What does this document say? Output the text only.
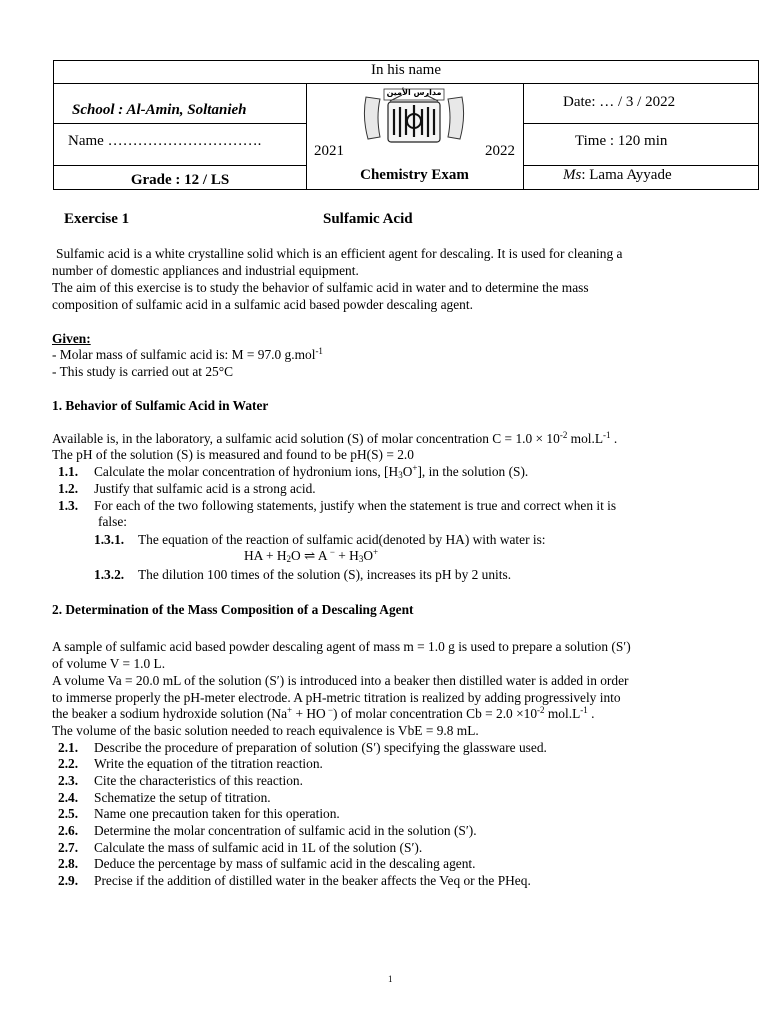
In his name
School : Al-Amin, Soltanieh
Name ………………………….
Grade : 12 / LS
مدارس الأمين
2021	2022
Chemistry Exam
Date: … / 3 / 2022
Time : 120 min
Ms: Lama Ayyade
Exercise 1	Sulfamic Acid
Sulfamic acid is a white crystalline solid which is an efficient agent for descaling. It is used for cleaning a
number of domestic appliances and industrial equipment.
The aim of this exercise is to study the behavior of sulfamic acid in water and to determine the mass
composition of sulfamic acid in a sulfamic acid based powder descaling agent.
Given:
- Molar mass of sulfamic acid is: M = 97.0 g.mol$^{-1}$
- This study is carried out at 25°C
1. Behavior of Sulfamic Acid in Water
Available is, in the laboratory, a sulfamic acid solution (S) of molar concentration $C = 1.0 \times 10^{-2}$ $mol.L^{-1}$ .
The pH of the solution (S) is measured and found to be pH(S) = 2.0
1.1. Calculate the molar concentration of hydronium ions, $[H_3O^+]$, in the solution (S).
1.2. Justify that sulfamic acid is a strong acid.
1.3. For each of the two following statements, justify when the statement is true and correct when it is
false:
1.3.1. The equation of the reaction of sulfamic acid(denoted by HA) with water is:
HA + $H_2O$ ⇌ A $^- + H_3O^+$
1.3.2. The dilution 100 times of the solution (S), increases its pH by 2 units.
2. Determination of the Mass Composition of a Descaling Agent
A sample of sulfamic acid based powder descaling agent of mass m = 1.0 g is used to prepare a solution (S′)
of volume V = 1.0 L.
A volume Va = 20.0 mL of the solution (S′) is introduced into a beaker then distilled water is added in order
to immerse properly the pH-meter electrode. A pH-metric titration is realized by adding progressively into
the beaker a sodium hydroxide solution (Na+ + HO −) of molar concentration $Cb = 2.0 \times 10^{-2}$ $mol.L^{-1}$ .
The volume of the basic solution needed to reach equivalence is VbE = 9.8 mL.
2.1. Describe the procedure of preparation of solution (S′) specifying the glassware used.
2.2. Write the equation of the titration reaction.
2.3. Cite the characteristics of this reaction.
2.4. Schematize the setup of titration.
2.5. Name one precaution taken for this operation.
2.6. Determine the molar concentration of sulfamic acid in the solution (S′).
2.7. Calculate the mass of sulfamic acid in 1L of the solution (S′).
2.8. Deduce the percentage by mass of sulfamic acid in the descaling agent.
2.9. Precise if the addition of distilled water in the beaker affects the Veq or the PHeq.
1
